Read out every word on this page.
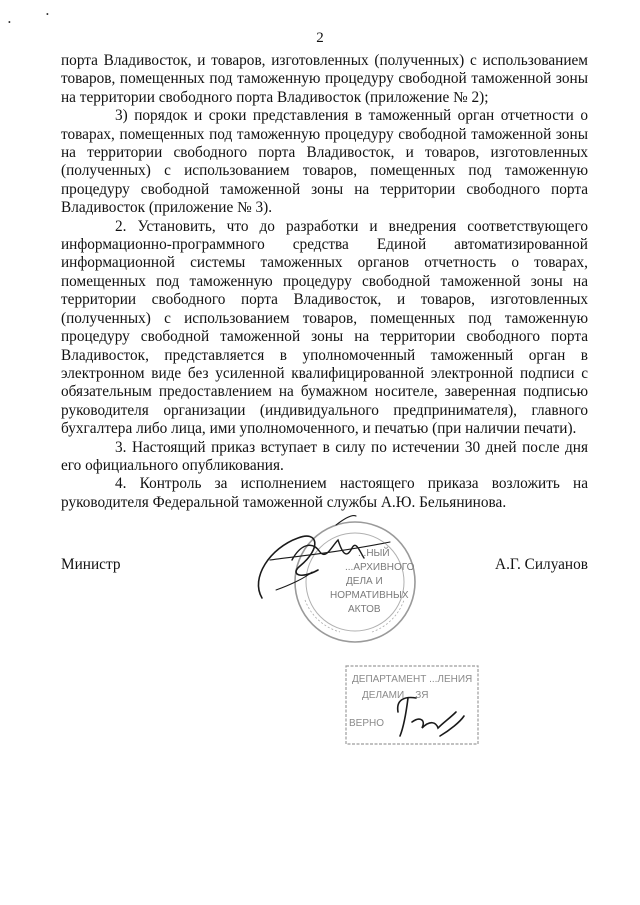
•
•
2

порта Владивосток, и товаров, изготовленных (полученных) с использованием товаров, помещенных под таможенную процедуру свободной таможенной зоны на территории свободного порта Владивосток (приложение № 2);

3) порядок и сроки представления в таможенный орган отчетности о товарах, помещенных под таможенную процедуру свободной таможенной зоны на территории свободного порта Владивосток, и товаров, изготовленных (полученных) с использованием товаров, помещенных под таможенную процедуру свободной таможенной зоны на территории свободного порта Владивосток (приложение № 3).

2. Установить, что до разработки и внедрения соответствующего информационно-программного средства Единой автоматизированной информационной системы таможенных органов отчетность о товарах, помещенных под таможенную процедуру свободной таможенной зоны на территории свободного порта Владивосток, и товаров, изготовленных (полученных) с использованием товаров, помещенных под таможенную процедуру свободной таможенной зоны на территории свободного порта Владивосток, представляется в уполномоченный таможенный орган в электронном виде без усиленной квалифицированной электронной подписи с обязательным предоставлением на бумажном носителе, заверенная подписью руководителя организации (индивидуального предпринимателя), главного бухгалтера либо лица, ими уполномоченного, и печатью (при наличии печати).

3. Настоящий приказ вступает в силу по истечении 30 дней после дня его официального опубликования.

4. Контроль за исполнением настоящего приказа возложить на руководителя Федеральной таможенной службы А.Ю. Бельянинова.

Министр	А.Г. Силуанов
...НЫЙ
...АРХИВНОГО
ДЕЛА И
НОРМАТИВНЫХ
АКТОВ
ДЕПАРТАМЕНТ ...ЛЕНИЯ
ДЕЛАМИ ...ЗЯ
ВЕРНО
